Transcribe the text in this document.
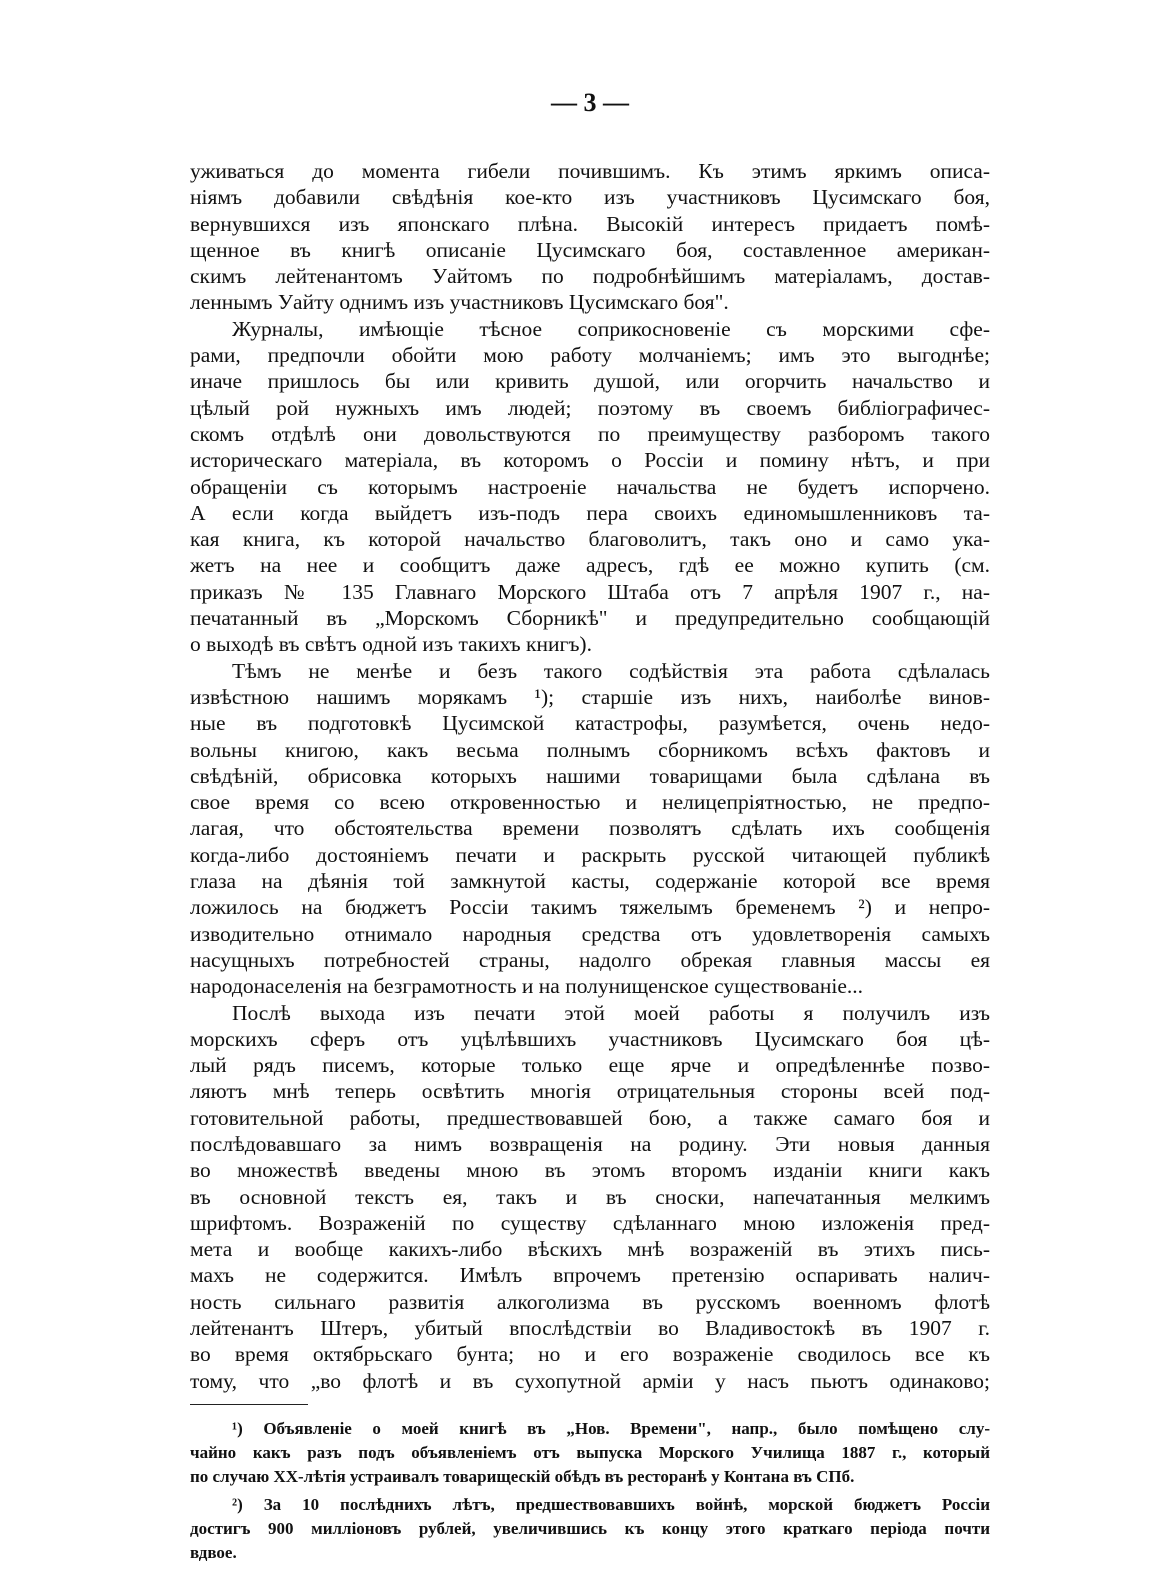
— 3 —
уживаться до момента гибели почившимъ. Къ этимъ яркимъ описа-
ніямъ добавили свѣдѣнія кое-кто изъ участниковъ Цусимскаго боя,
вернувшихся изъ японскаго плѣна. Высокій интересъ придаетъ помѣ-
щенное въ книгѣ описаніе Цусимскаго боя, составленное американ-
скимъ лейтенантомъ Уайтомъ по подробнѣйшимъ матеріаламъ, достав-
леннымъ Уайту однимъ изъ участниковъ Цусимскаго боя".
Журналы, имѣющіе тѣсное соприкосновеніе съ морскими сфе-
рами, предпочли обойти мою работу молчаніемъ; имъ это выгоднѣе;
иначе пришлось бы или кривить душой, или огорчить начальство и
цѣлый рой нужныхъ имъ людей; поэтому въ своемъ библіографичес-
скомъ отдѣлѣ они довольствуются по преимуществу разборомъ такого
историческаго матеріала, въ которомъ о Россіи и помину нѣтъ, и при
обращеніи съ которымъ настроеніе начальства не будетъ испорчено.
А если когда выйдетъ изъ-подъ пера своихъ единомышленниковъ та-
кая книга, къ которой начальство благоволитъ, такъ оно и само ука-
жетъ на нее и сообщитъ даже адресъ, гдѣ ее можно купить (см.
приказъ № 135 Главнаго Морского Штаба отъ 7 апрѣля 1907 г., на-
печатанный въ „Морскомъ Сборникѣ" и предупредительно сообщающій
о выходѣ въ свѣтъ одной изъ такихъ книгъ).
Тѣмъ не менѣе и безъ такого содѣйствія эта работа сдѣлалась
извѣстною нашимъ морякамъ ¹); старшіе изъ нихъ, наиболѣе винов-
ные въ подготовкѣ Цусимской катастрофы, разумѣется, очень недо-
вольны книгою, какъ весьма полнымъ сборникомъ всѣхъ фактовъ и
свѣдѣній, обрисовка которыхъ нашими товарищами была сдѣлана въ
свое время со всею откровенностью и нелицепріятностью, не предпо-
лагая, что обстоятельства времени позволятъ сдѣлать ихъ сообщенія
когда-либо достояніемъ печати и раскрыть русской читающей публикѣ
глаза на дѣянія той замкнутой касты, содержаніе которой все время
ложилось на бюджетъ Россіи такимъ тяжелымъ бременемъ ²) и непро-
изводительно отнимало народныя средства отъ удовлетворенія самыхъ
насущныхъ потребностей страны, надолго обрекая главныя массы ея
народонаселенія на безграмотность и на полунищенское существованіе...
Послѣ выхода изъ печати этой моей работы я получилъ изъ
морскихъ сферъ отъ уцѣлѣвшихъ участниковъ Цусимскаго боя цѣ-
лый рядъ писемъ, которые только еще ярче и опредѣленнѣе позво-
ляютъ мнѣ теперь освѣтить многія отрицательныя стороны всей под-
готовительной работы, предшествовавшей бою, а также самаго боя и
послѣдовавшаго за нимъ возвращенія на родину. Эти новыя данныя
во множествѣ введены мною въ этомъ второмъ изданіи книги какъ
въ основной текстъ ея, такъ и въ сноски, напечатанныя мелкимъ
шрифтомъ. Возраженій по существу сдѣланнаго мною изложенія пред-
мета и вообще какихъ-либо вѣскихъ мнѣ возраженій въ этихъ пись-
махъ не содержится. Имѣлъ впрочемъ претензію оспаривать налич-
ность сильнаго развитія алкоголизма въ русскомъ военномъ флотѣ
лейтенантъ Штеръ, убитый впослѣдствіи во Владивостокѣ въ 1907 г.
во время октябрьскаго бунта; но и его возраженіе сводилось все къ
тому, что „во флотѣ и въ сухопутной арміи у насъ пьютъ одинаково;
¹) Объявленіе о моей книгѣ въ „Нов. Времени", напр., было помѣщено слу-
чайно какъ разъ подъ объявленіемъ отъ выпуска Морского Училища 1887 г., который
по случаю XX-лѣтія устраивалъ товарищескій обѣдъ въ ресторанѣ у Контана въ СПб.
²) За 10 послѣднихъ лѣтъ, предшествовавшихъ войнѣ, морской бюджетъ Россіи
достигъ 900 милліоновъ рублей, увеличившись къ концу этого краткаго періода почти
вдвое.
